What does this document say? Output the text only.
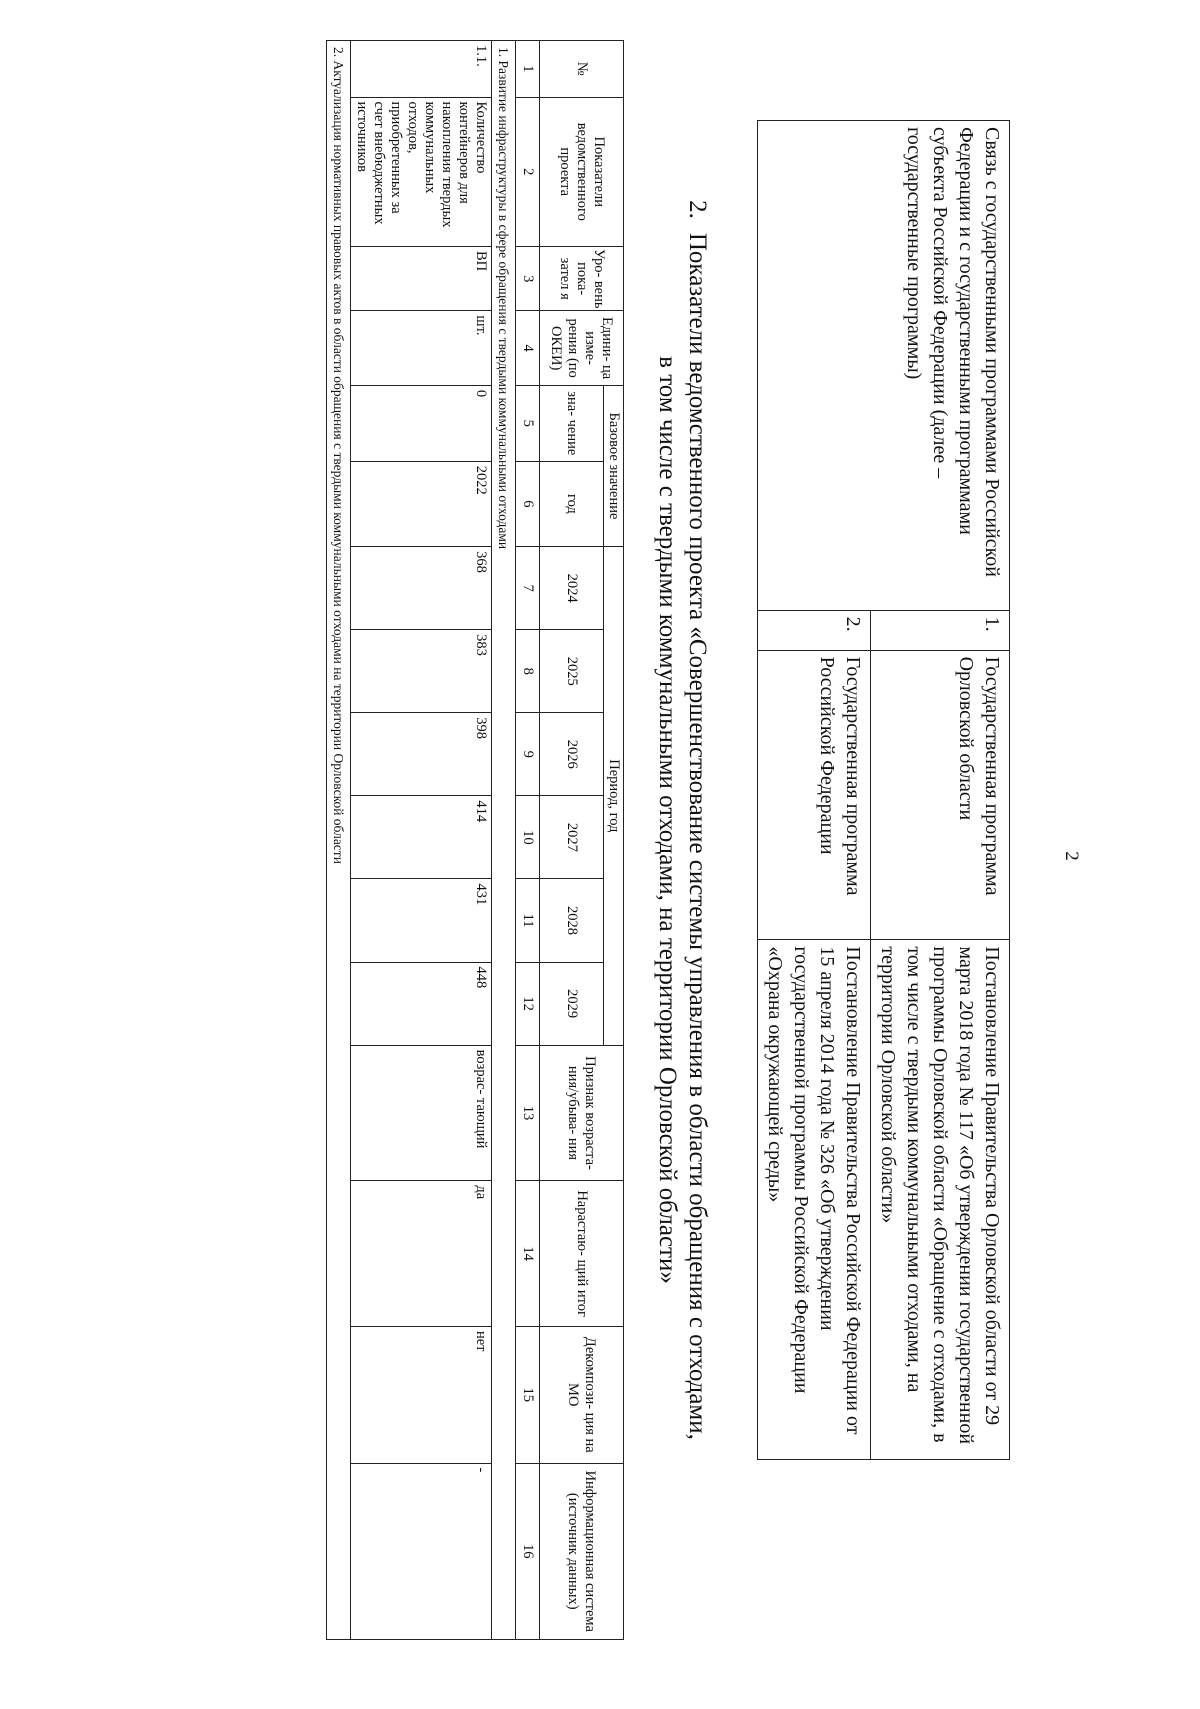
2
Связь с государственными программами Российской Федерации и с государственными программами субъекта Российской Федерации (далее – государственные программы)	1.	Государственная программа Орловской области	Постановление Правительства Орловской области от 29 марта 2018 года № 117 «Об утверждении государственной программы Орловской области «Обращение с отходами, в том числе с твердыми коммунальными отходами, на территории Орловской области»
	2.	Государственная программа Российской Федерации	Постановление Правительства Российской Федерации от 15 апреля 2014 года № 326 «Об утверждении государственной программы Российской Федерации «Охрана окружающей среды»
2.Показатели ведомственного проекта «Совершенствование системы управления в области обращения с отходами,
в том числе с твердыми коммунальными отходами, на территории Орловской области»
№	Показатели ведомственного проекта	Уро- вень пока- зател я	Едини- ца изме- рения (по ОКЕИ)	Базовое значение		Период, год						Признак возраста- ния/убыва- ния	Нарастаю- щий итог	Декомпози- ция на МО	Информационная система (источник данных)
				зна- чение	год										
						2024	2025	2026	2027	2028	2029				
1	2	3	4	5	6	7	8	9	10	11	12	13	14	15	16
1. Развитие инфраструктуры в сфере обращения с твердыми коммунальными отходами															
1.1.	Количество контейнеров для накопления твердых коммунальных отходов, приобретенных за счет внебюджетных источников	ВП	шт.	0	2022	368	383	398	414	431	448	возрас- тающий	да	нет	-
2. Актуализация нормативных правовых актов в области обращения с твердыми коммунальными отходами на территории Орловской области															
